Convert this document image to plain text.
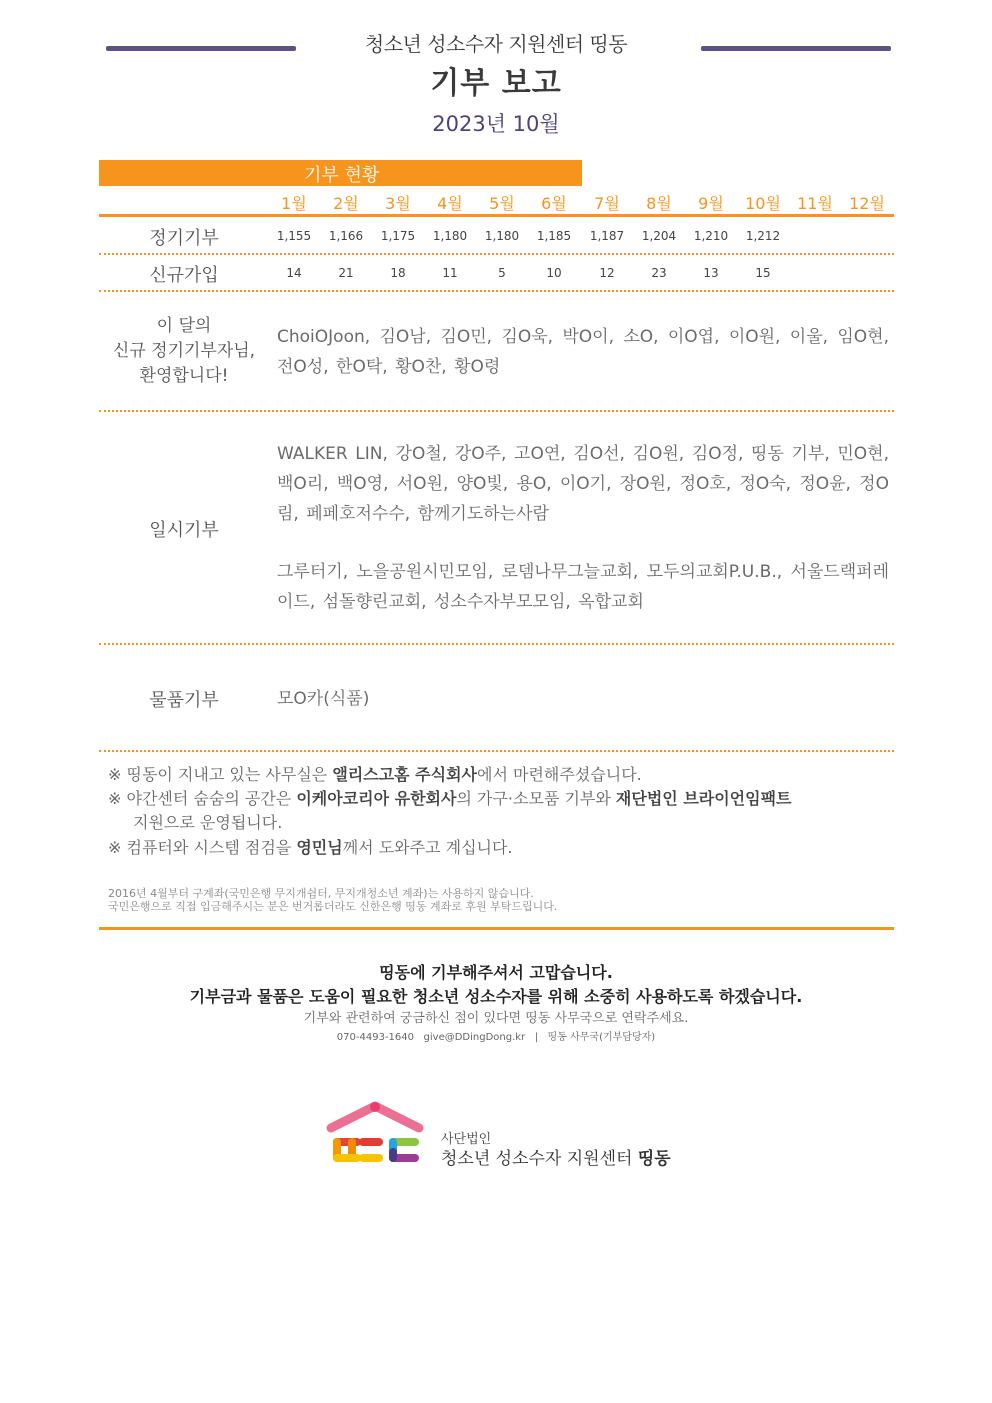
청소년 성소수자 지원센터 띵동
기부 보고
2023년 10월
기부 현황
1월	2월	3월	4월	5월	6월	7월	8월	9월	10월	11월	12월
정기기부	1,155	1,166	1,175	1,180	1,180	1,185	1,187	1,204	1,210	1,212
신규가입	14	21	18	11	5	10	12	23	13	15
이 달의
신규 정기기부자님,
환영합니다!
ChoiOJoon, 김O남, 김O민, 김O욱, 박O이, 소O, 이O엽, 이O원, 이울, 임O현, 전O성, 한O탁, 황O찬, 황O령
일시기부
WALKER LIN, 강O철, 강O주, 고O연, 김O선, 김O원, 김O정, 띵동 기부, 민O현, 백O리, 백O영, 서O원, 양O빛, 용O, 이O기, 장O원, 정O호, 정O숙, 정O윤, 정O림, 페페호저수수, 함께기도하는사람
그루터기, 노을공원시민모임, 로뎀나무그늘교회, 모두의교회P.U.B., 서울드랙퍼레이드, 섬돌향린교회, 성소수자부모모임, 옥합교회
물품기부	모O카(식품)
※ 띵동이 지내고 있는 사무실은 앨리스고홈 주식회사에서 마련해주셨습니다.
※ 야간센터 숨숨의 공간은 이케아코리아 유한회사의 가구·소모품 기부와 재단법인 브라이언임팩트
지원으로 운영됩니다.
※ 컴퓨터와 시스템 점검을 영민님께서 도와주고 계십니다.
2016년 4월부터 구계좌(국민은행 무지개쉼터, 무지개청소년 계좌)는 사용하지 않습니다.
국민은행으로 직접 입금해주시는 분은 번거롭더라도 신한은행 띵동 계좌로 후원 부탁드립니다.
띵동에 기부해주셔서 고맙습니다.
기부금과 물품은 도움이 필요한 청소년 성소수자를 위해 소중히 사용하도록 하겠습니다.
기부와 관련하여 궁금하신 점이 있다면 띵동 사무국으로 연락주세요.
070-4493-1640   give@DDingDong.kr   |   띵동 사무국(기부담당자)
사단법인
청소년 성소수자 지원센터 띵동
